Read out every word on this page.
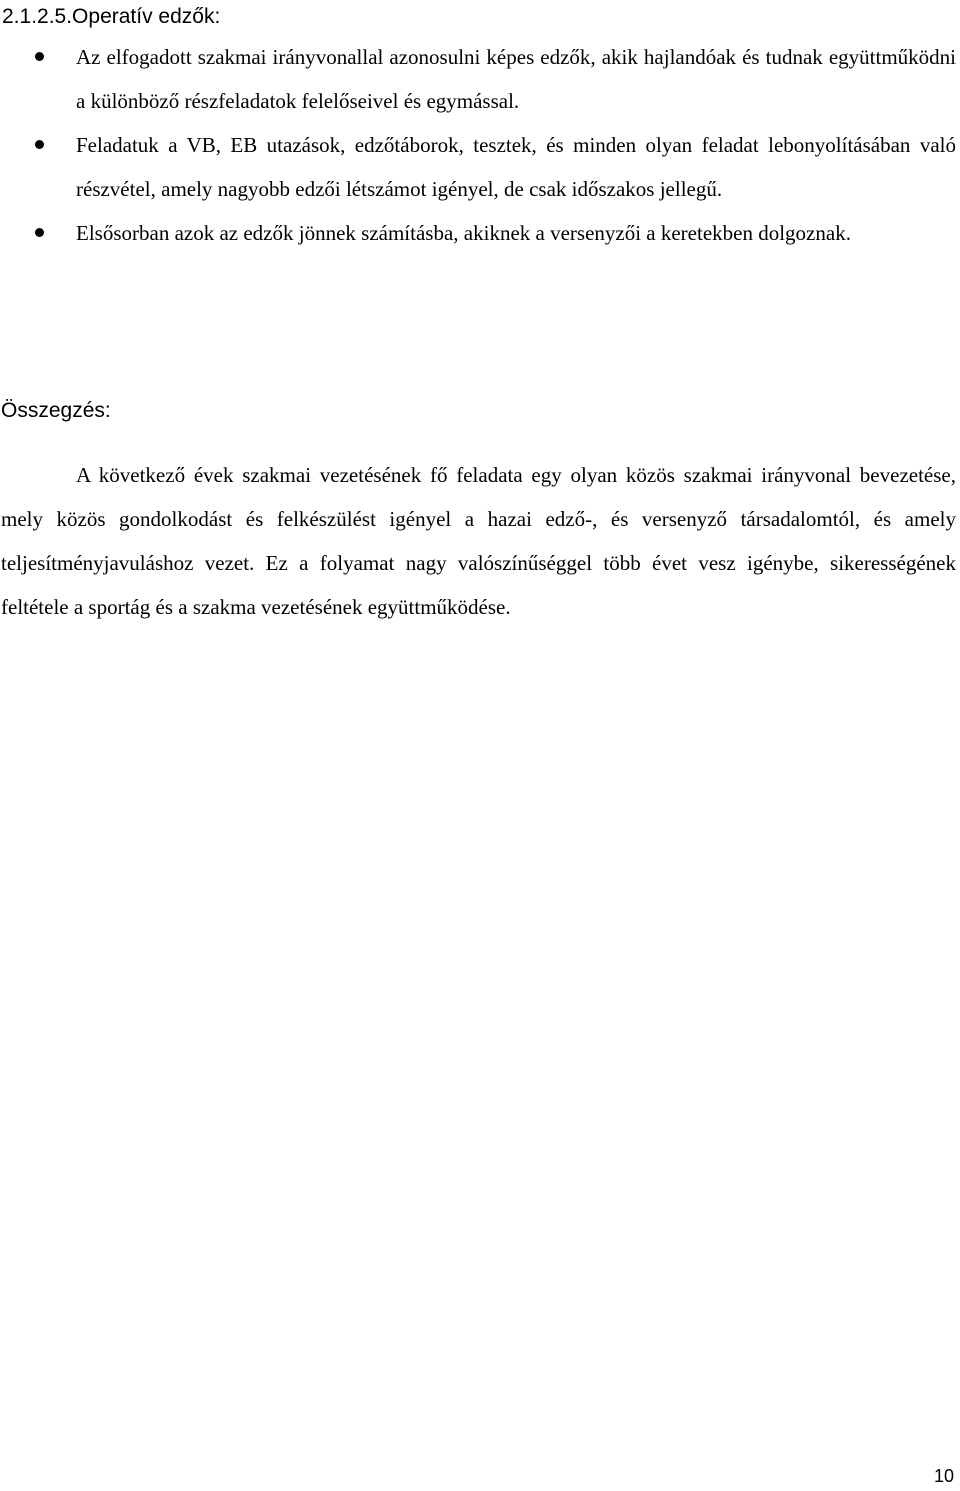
2.1.2.5.Operatív edzők:
Az elfogadott szakmai irányvonallal azonosulni képes edzők, akik hajlandóak és tudnak együttműködni a különböző részfeladatok felelőseivel és egymással.
Feladatuk a VB, EB utazások, edzőtáborok, tesztek, és minden olyan feladat lebonyolításában való részvétel, amely nagyobb edzői létszámot igényel, de csak időszakos jellegű.
Elsősorban azok az edzők jönnek számításba, akiknek a versenyzői a keretekben dolgoznak.
Összegzés:

A következő évek szakmai vezetésének fő feladata egy olyan közös szakmai irányvonal bevezetése, mely közös gondolkodást és felkészülést igényel a hazai edző-, és versenyző társadalomtól, és amely teljesítményjavuláshoz vezet. Ez a folyamat nagy valószínűséggel több évet vesz igénybe, sikerességének feltétele a sportág és a szakma vezetésének együttműködése.

10
